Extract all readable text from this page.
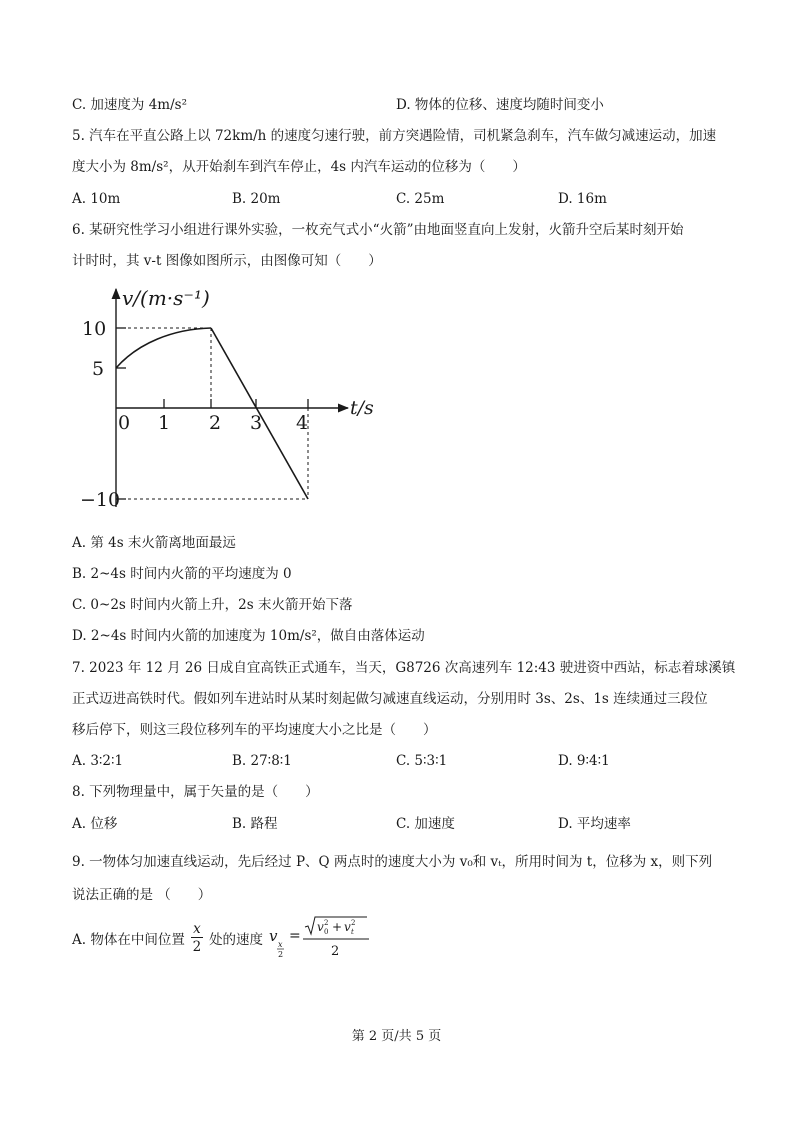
C. 加速度为 4m/s²	D. 物体的位移、速度均随时间变小
5. 汽车在平直公路上以 72km/h 的速度匀速行驶，前方突遇险情，司机紧急刹车，汽车做匀减速运动，加速
度大小为 8m/s²，从开始刹车到汽车停止，4s 内汽车运动的位移为（　　）
A. 10m	B. 20m	C. 25m	D. 16m
6. 某研究性学习小组进行课外实验，一枚充气式小“火箭”由地面竖直向上发射，火箭升空后某时刻开始
计时时，其 v-t 图像如图所示，由图像可知（　　）
v/(m·s⁻¹)
t/s
10
5
−10
0 1 2 3 4
A. 第 4s 末火箭离地面最远
B. 2~4s 时间内火箭的平均速度为 0
C. 0~2s 时间内火箭上升，2s 末火箭开始下落
D. 2~4s 时间内火箭的加速度为 10m/s²，做自由落体运动
7. 2023 年 12 月 26 日成自宜高铁正式通车，当天，G8726 次高速列车 12:43 驶进资中西站，标志着球溪镇
正式迈进高铁时代。假如列车进站时从某时刻起做匀减速直线运动，分别用时 3s、2s、1s 连续通过三段位
移后停下，则这三段位移列车的平均速度大小之比是（　　）
A. 3∶2∶1	B. 27∶8∶1	C. 5∶3∶1	D. 9∶4∶1
8. 下列物理量中，属于矢量的是（　　）
A. 位移	B. 路程	C. 加速度	D. 平均速率
9. 一物体匀加速直线运动，先后经过 P、Q 两点时的速度大小为 v₀和 vₜ，所用时间为 t，位移为 x，则下列
说法正确的是 （　　）
A. 物体在中间位置 $\frac{x}{2}$ 处的速度 v x
2
=
v 0
2 + v t
2
2
第 2 页/共 5 页
